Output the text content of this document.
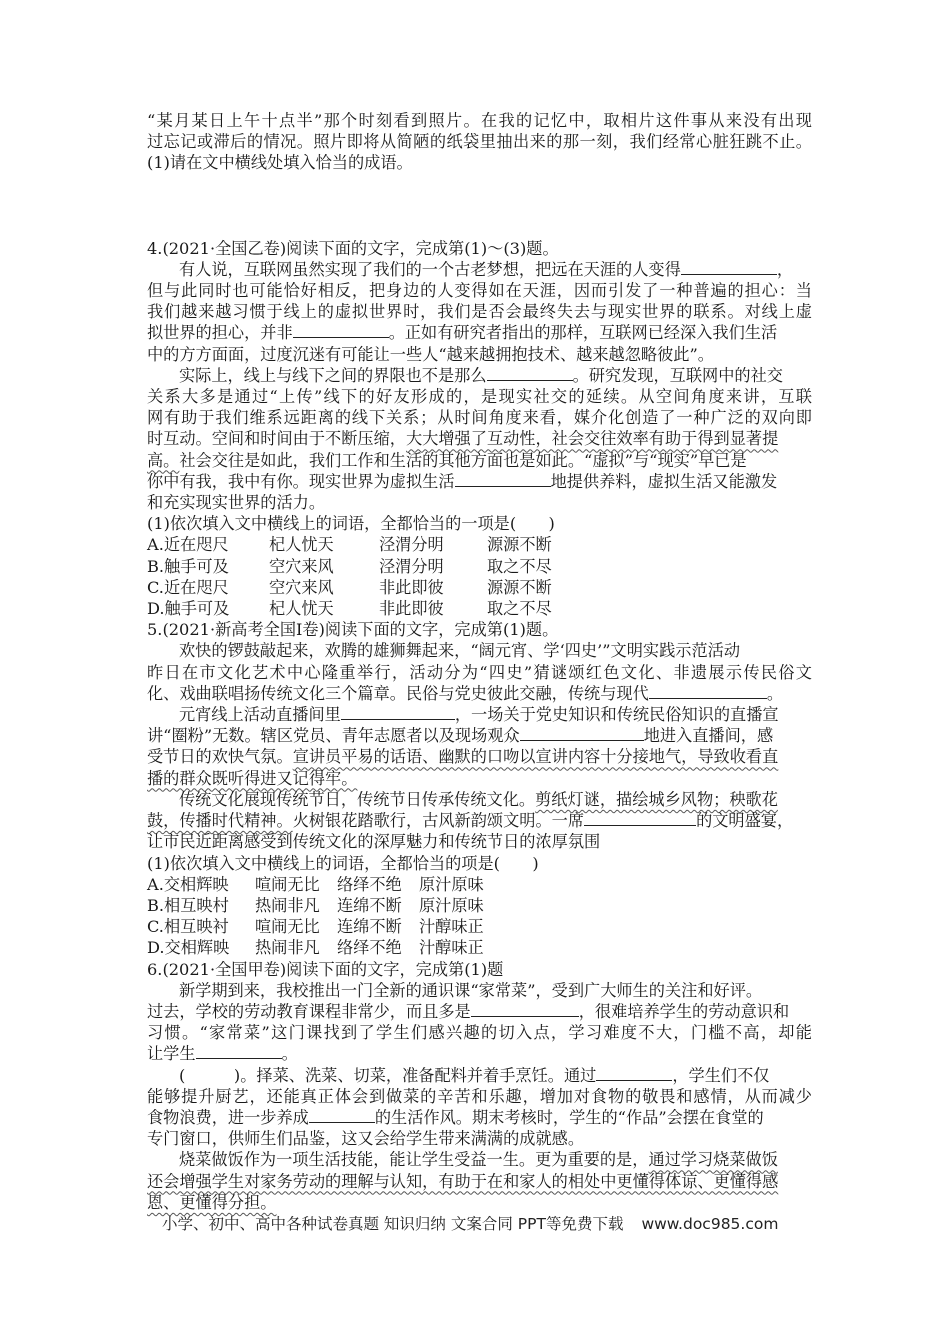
“某月某日上午十点半”那个时刻看到照片。在我的记忆中，取相片这件事从来没有出现
过忘记或滞后的情况。照片即将从简陋的纸袋里抽出来的那一刻，我们经常心脏狂跳不止。
(1)请在文中横线处填入恰当的成语。
4.(2021·全国乙卷)阅读下面的文字，完成第(1)～(3)题。
有人说，互联网虽然实现了我们的一个古老梦想，把远在天涯的人变得	，
但与此同时也可能恰好相反，把身边的人变得如在天涯，因而引发了一种普遍的担心：当
我们越来越习惯于线上的虚拟世界时，我们是否会最终失去与现实世界的联系。对线上虚
拟世界的担心，并非	。正如有研究者指出的那样，互联网已经深入我们生活
中的方方面面，过度沉迷有可能让一些人“越来越拥抱技术、越来越忽略彼此”。
实际上，线上与线下之间的界限也不是那么	。研究发现，互联网中的社交
关系大多是通过“上传”线下的好友形成的，是现实社交的延续。从空间角度来讲，互联
网有助于我们维系远距离的线下关系；从时间角度来看，媒介化创造了一种广泛的双向即
时互动。空间和时间由于不断压缩，大大增强了互动性，社会交往效率有助于得到显著提
高。社会交往是如此，我们工作和生活的其他方面也是如此。“虚拟”与“现实”早已是
你中有我，我中有你。现实世界为虚拟生活	地提供养料，虚拟生活又能激发
和充实现实世界的活力。
(1)依次填入文中横线上的词语，全都恰当的一项是(　　)
A.近在咫尺	杞人忧天	泾渭分明	源源不断
B.触手可及	空穴来风	泾渭分明	取之不尽
C.近在咫尺	空穴来风	非此即彼	源源不断
D.触手可及	杞人忧天	非此即彼	取之不尽
5.(2021·新高考全国Ⅰ卷)阅读下面的文字，完成第(1)题。
欢快的锣鼓敲起来，欢腾的雄狮舞起来，“阔元宵、学‘四史’”文明实践示范活动
昨日在市文化艺术中心隆重举行，活动分为“四史”猜谜颂红色文化、非遗展示传民俗文
化、戏曲联唱扬传统文化三个篇章。民俗与党史彼此交融，传统与现代	。
元宵线上活动直播间里	，一场关于党史知识和传统民俗知识的直播宣
讲“圈粉”无数。辖区党员、青年志愿者以及现场观众	地进入直播间，感
受节日的欢快气氛。宣讲员平易的话语、幽默的口吻以宣讲内容十分接地气，导致收看直
播的群众既听得进又记得牢。
传统文化展现传统节日，传统节日传承传统文化。剪纸灯谜，描绘城乡风物；秧歌花
鼓，传播时代精神。火树银花踏歌行，古风新韵颂文明。一席	的文明盛宴，
让市民近距离感受到传统文化的深厚魅力和传统节日的浓厚氛围
(1)依次填入文中横线上的词语，全都恰当的项是(　　)
A.交相辉映	喧闹无比	络绎不绝	原汁原味
B.相互映村	热闹非凡	连绵不断	原汁原味
C.相互映衬	喧闹无比	连绵不断	汁醇味正
D.交相辉映	热闹非凡	络绎不绝	汁醇味正
6.(2021·全国甲卷)阅读下面的文字，完成第(1)题
新学期到来，我校推出一门全新的通识课“家常菜”，受到广大师生的关注和好评。
过去，学校的劳动教育课程非常少，而且多是	，很难培养学生的劳动意识和
习惯。“家常菜”这门课找到了学生们感兴趣的切入点，学习难度不大，门槛不高，却能
让学生	。
(　　　)。择菜、洗菜、切菜，准备配料并着手烹饪。通过	，学生们不仅
能够提升厨艺，还能真正体会到做菜的辛苦和乐趣，增加对食物的敬畏和感情，从而减少
食物浪费，进一步养成	的生活作风。期末考核时，学生的“作品”会摆在食堂的
专门窗口，供师生们品鉴，这又会给学生带来满满的成就感。
烧菜做饭作为一项生活技能，能让学生受益一生。更为重要的是，通过学习烧菜做饭
还会增强学生对家务劳动的理解与认知，有助于在和家人的相处中更懂得体谅、更懂得感
恩、更懂得分担。
小学、初中、高中各种试卷真题 知识归纳 文案合同 PPT等免费下载 www.doc985.com
